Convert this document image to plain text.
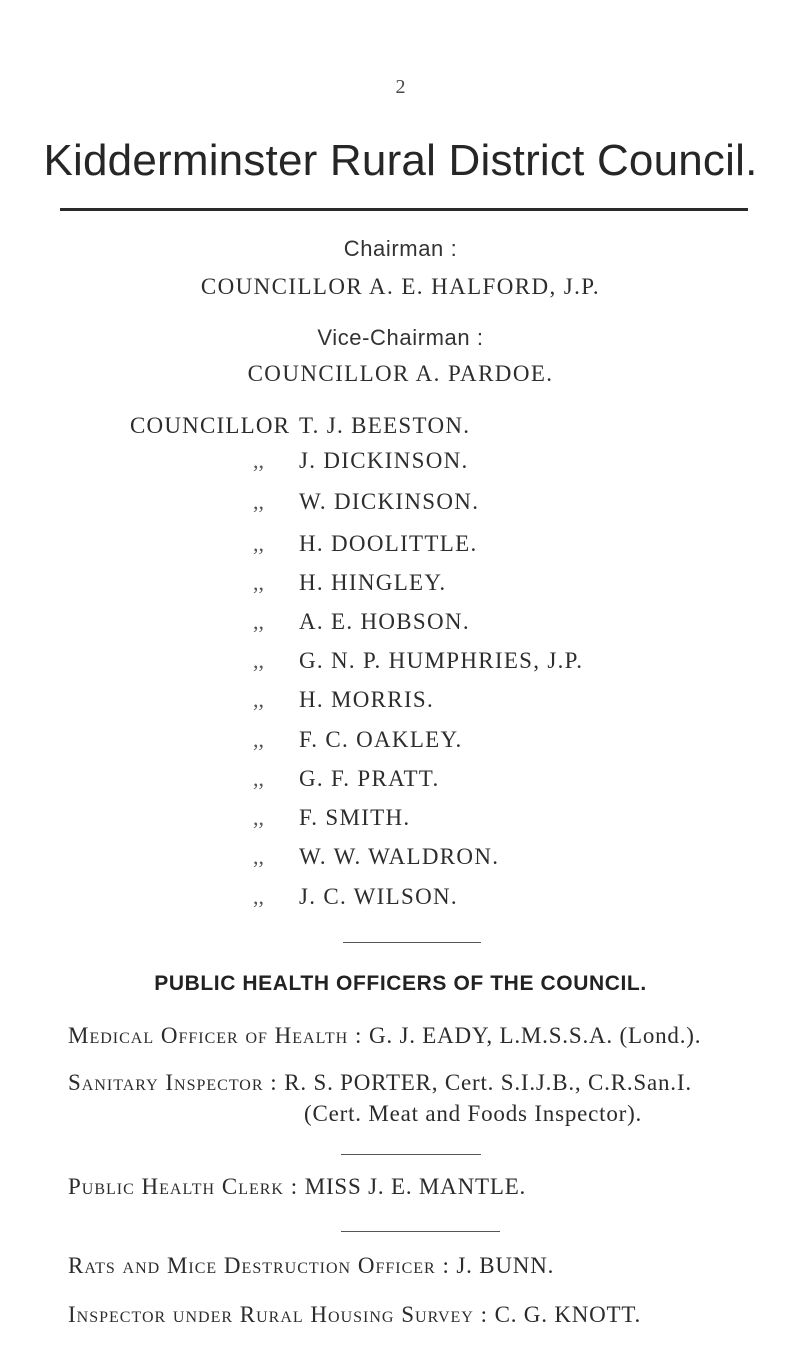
2
Kidderminster Rural District Council.
Chairman :
COUNCILLOR A. E. HALFORD, J.P.
Vice-Chairman :
COUNCILLOR A. PARDOE.
COUNCILLOR T. J. BEESTON.
,, J. DICKINSON.
,, W. DICKINSON.
,, H. DOOLITTLE.
,, H. HINGLEY.
,, A. E. HOBSON.
,, G. N. P. HUMPHRIES, J.P.
,, H. MORRIS.
,, F. C. OAKLEY.
,, G. F. PRATT.
,, F. SMITH.
,, W. W. WALDRON.
,, J. C. WILSON.
PUBLIC HEALTH OFFICERS OF THE COUNCIL.
Medical Officer of Health : G. J. EADY, L.M.S.S.A. (Lond.).
Sanitary Inspector : R. S. PORTER, Cert. S.I.J.B., C.R.San.I.
(Cert. Meat and Foods Inspector).
Public Health Clerk : MISS J. E. MANTLE.
Rats and Mice Destruction Officer : J. BUNN.
Inspector under Rural Housing Survey : C. G. KNOTT.
